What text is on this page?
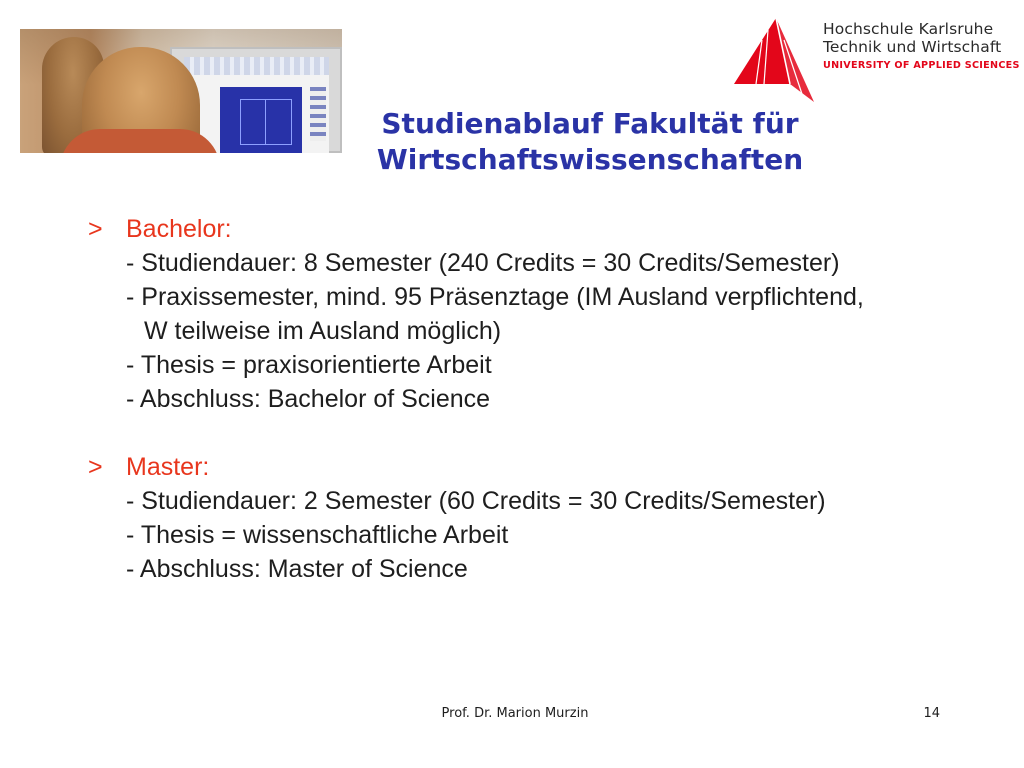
Hochschule Karlsruhe
Technik und Wirtschaft
UNIVERSITY OF APPLIED SCIENCES
Studienablauf Fakultät für
Wirtschaftswissenschaften
> Bachelor:
- Studiendauer: 8 Semester (240 Credits = 30 Credits/Semester)
- Praxissemester, mind. 95 Präsenztage (IM Ausland verpflichtend,
W teilweise im Ausland möglich)
- Thesis = praxisorientierte Arbeit
- Abschluss: Bachelor of Science
> Master:
- Studiendauer: 2 Semester (60 Credits = 30 Credits/Semester)
- Thesis = wissenschaftliche Arbeit
- Abschluss: Master of Science
Prof. Dr. Marion Murzin	14
